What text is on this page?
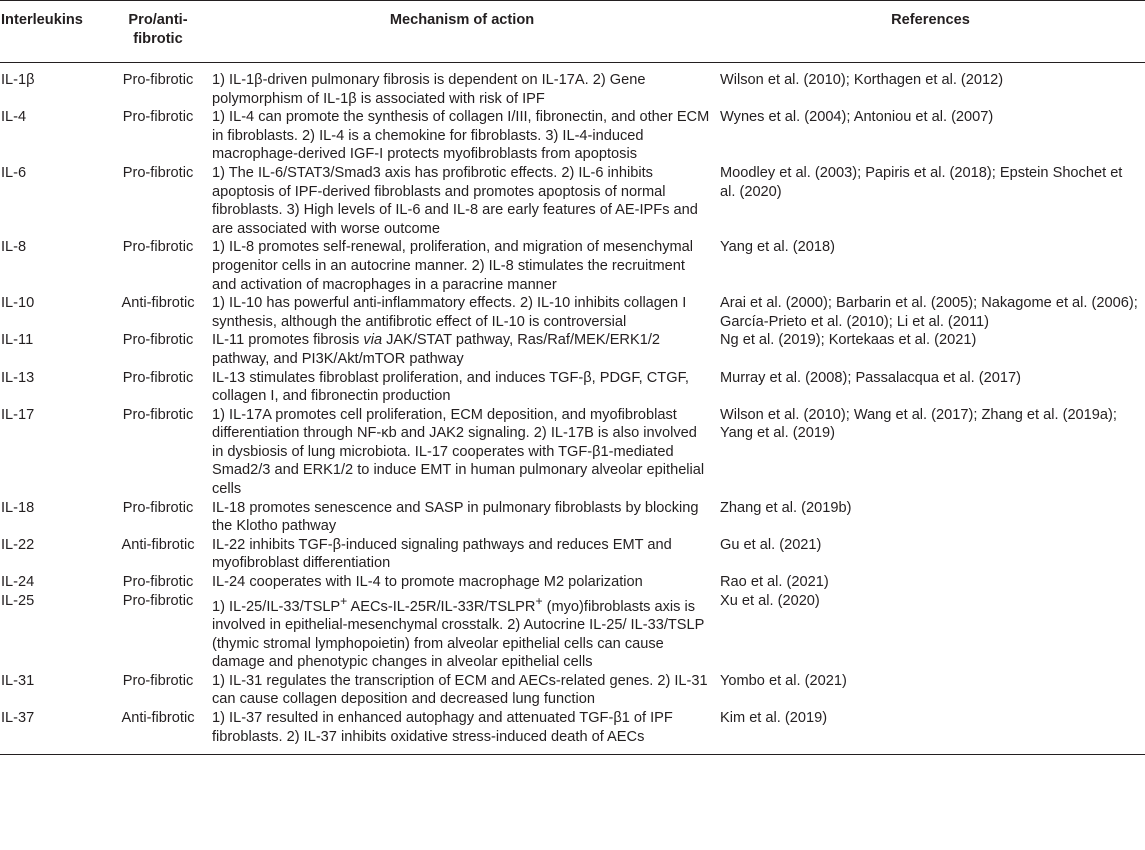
Interleukins	Pro/anti-fibrotic	Mechanism of action	References
IL-1β	Pro-fibrotic	1) IL-1β-driven pulmonary fibrosis is dependent on IL-17A. 2) Gene polymorphism of IL-1β is associated with risk of IPF	Wilson et al. (2010); Korthagen et al. (2012)
IL-4	Pro-fibrotic	1) IL-4 can promote the synthesis of collagen I/III, fibronectin, and other ECM in fibroblasts. 2) IL-4 is a chemokine for fibroblasts. 3) IL-4-induced macrophage-derived IGF-I protects myofibroblasts from apoptosis	Wynes et al. (2004); Antoniou et al. (2007)
IL-6	Pro-fibrotic	1) The IL-6/STAT3/Smad3 axis has profibrotic effects. 2) IL-6 inhibits apoptosis of IPF-derived fibroblasts and promotes apoptosis of normal fibroblasts. 3) High levels of IL-6 and IL-8 are early features of AE-IPFs and are associated with worse outcome	Moodley et al. (2003); Papiris et al. (2018); Epstein Shochet et al. (2020)
IL-8	Pro-fibrotic	1) IL-8 promotes self-renewal, proliferation, and migration of mesenchymal progenitor cells in an autocrine manner. 2) IL-8 stimulates the recruitment and activation of macrophages in a paracrine manner	Yang et al. (2018)
IL-10	Anti-fibrotic	1) IL-10 has powerful anti-inflammatory effects. 2) IL-10 inhibits collagen I synthesis, although the antifibrotic effect of IL-10 is controversial	Arai et al. (2000); Barbarin et al. (2005); Nakagome et al. (2006); García-Prieto et al. (2010); Li et al. (2011)
IL-11	Pro-fibrotic	IL-11 promotes fibrosis via JAK/STAT pathway, Ras/Raf/MEK/ERK1/2 pathway, and PI3K/Akt/mTOR pathway	Ng et al. (2019); Kortekaas et al. (2021)
IL-13	Pro-fibrotic	IL-13 stimulates fibroblast proliferation, and induces TGF-β, PDGF, CTGF, collagen I, and fibronectin production	Murray et al. (2008); Passalacqua et al. (2017)
IL-17	Pro-fibrotic	1) IL-17A promotes cell proliferation, ECM deposition, and myofibroblast differentiation through NF-κb and JAK2 signaling. 2) IL-17B is also involved in dysbiosis of lung microbiota. IL-17 cooperates with TGF-β1-mediated Smad2/3 and ERK1/2 to induce EMT in human pulmonary alveolar epithelial cells	Wilson et al. (2010); Wang et al. (2017); Zhang et al. (2019a); Yang et al. (2019)
IL-18	Pro-fibrotic	IL-18 promotes senescence and SASP in pulmonary fibroblasts by blocking the Klotho pathway	Zhang et al. (2019b)
IL-22	Anti-fibrotic	IL-22 inhibits TGF-β-induced signaling pathways and reduces EMT and myofibroblast differentiation	Gu et al. (2021)
IL-24	Pro-fibrotic	IL-24 cooperates with IL-4 to promote macrophage M2 polarization	Rao et al. (2021)
IL-25	Pro-fibrotic	1) IL-25/IL-33/TSLP+ AECs-IL-25R/IL-33R/TSLPR+ (myo)fibroblasts axis is involved in epithelial-mesenchymal crosstalk. 2) Autocrine IL-25/ IL-33/TSLP (thymic stromal lymphopoietin) from alveolar epithelial cells can cause damage and phenotypic changes in alveolar epithelial cells	Xu et al. (2020)
IL-31	Pro-fibrotic	1) IL-31 regulates the transcription of ECM and AECs-related genes. 2) IL-31 can cause collagen deposition and decreased lung function	Yombo et al. (2021)
IL-37	Anti-fibrotic	1) IL-37 resulted in enhanced autophagy and attenuated TGF-β1 of IPF fibroblasts. 2) IL-37 inhibits oxidative stress-induced death of AECs	Kim et al. (2019)
